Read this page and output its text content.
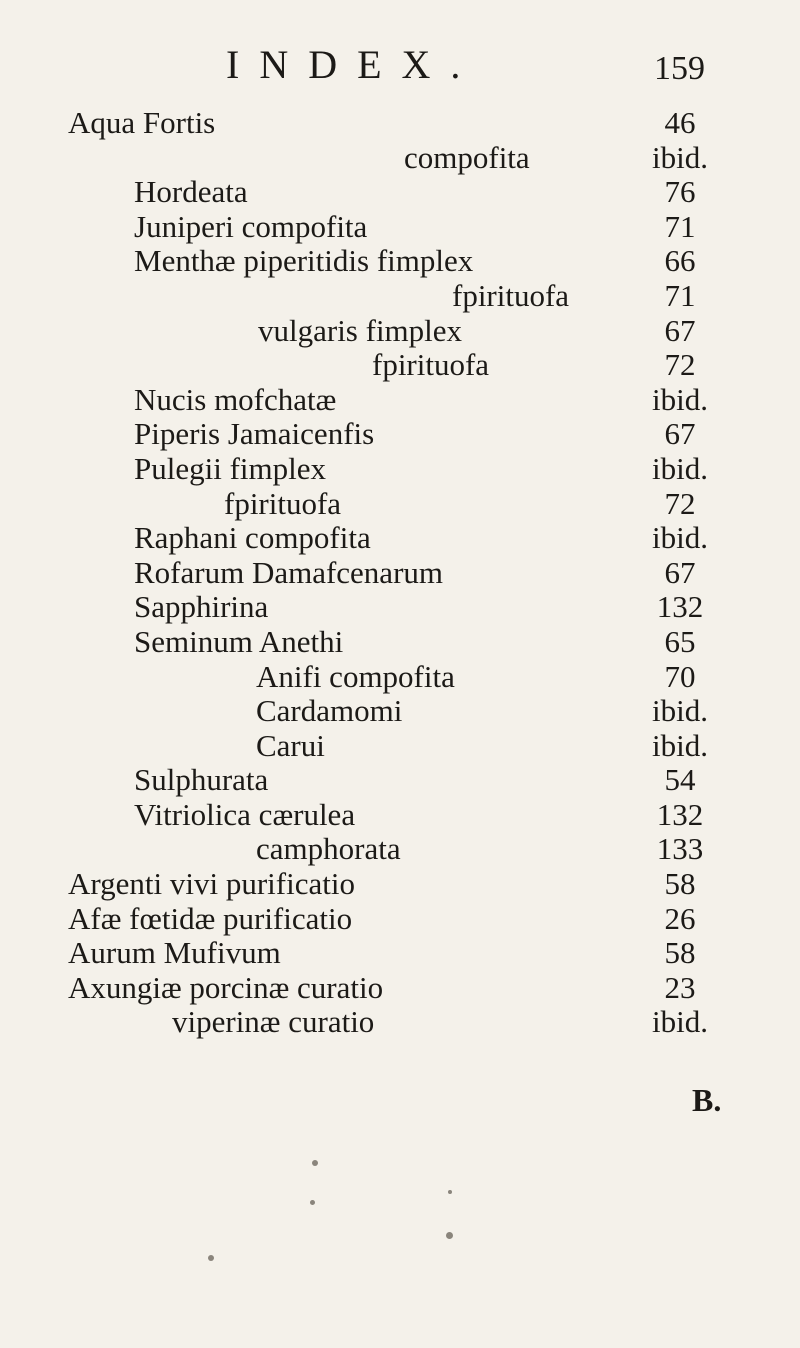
INDEX.	159
Aqua Fortis	46
compofita	ibid.
Hordeata	76
Juniperi compofita	71
Menthæ piperitidis fimplex	66
fpirituofa	71
vulgaris fimplex	67
fpirituofa	72
Nucis mofchatæ	ibid.
Piperis Jamaicenfis	67
Pulegii fimplex	ibid.
fpirituofa	72
Raphani compofita	ibid.
Rofarum Damafcenarum	67
Sapphirina	132
Seminum Anethi	65
Anifi compofita	70
Cardamomi	ibid.
Carui	ibid.
Sulphurata	54
Vitriolica cærulea	132
camphorata	133
Argenti vivi purificatio	58
Afæ fœtidæ purificatio	26
Aurum Mufivum	58
Axungiæ porcinæ curatio	23
viperinæ curatio	ibid.
B.
